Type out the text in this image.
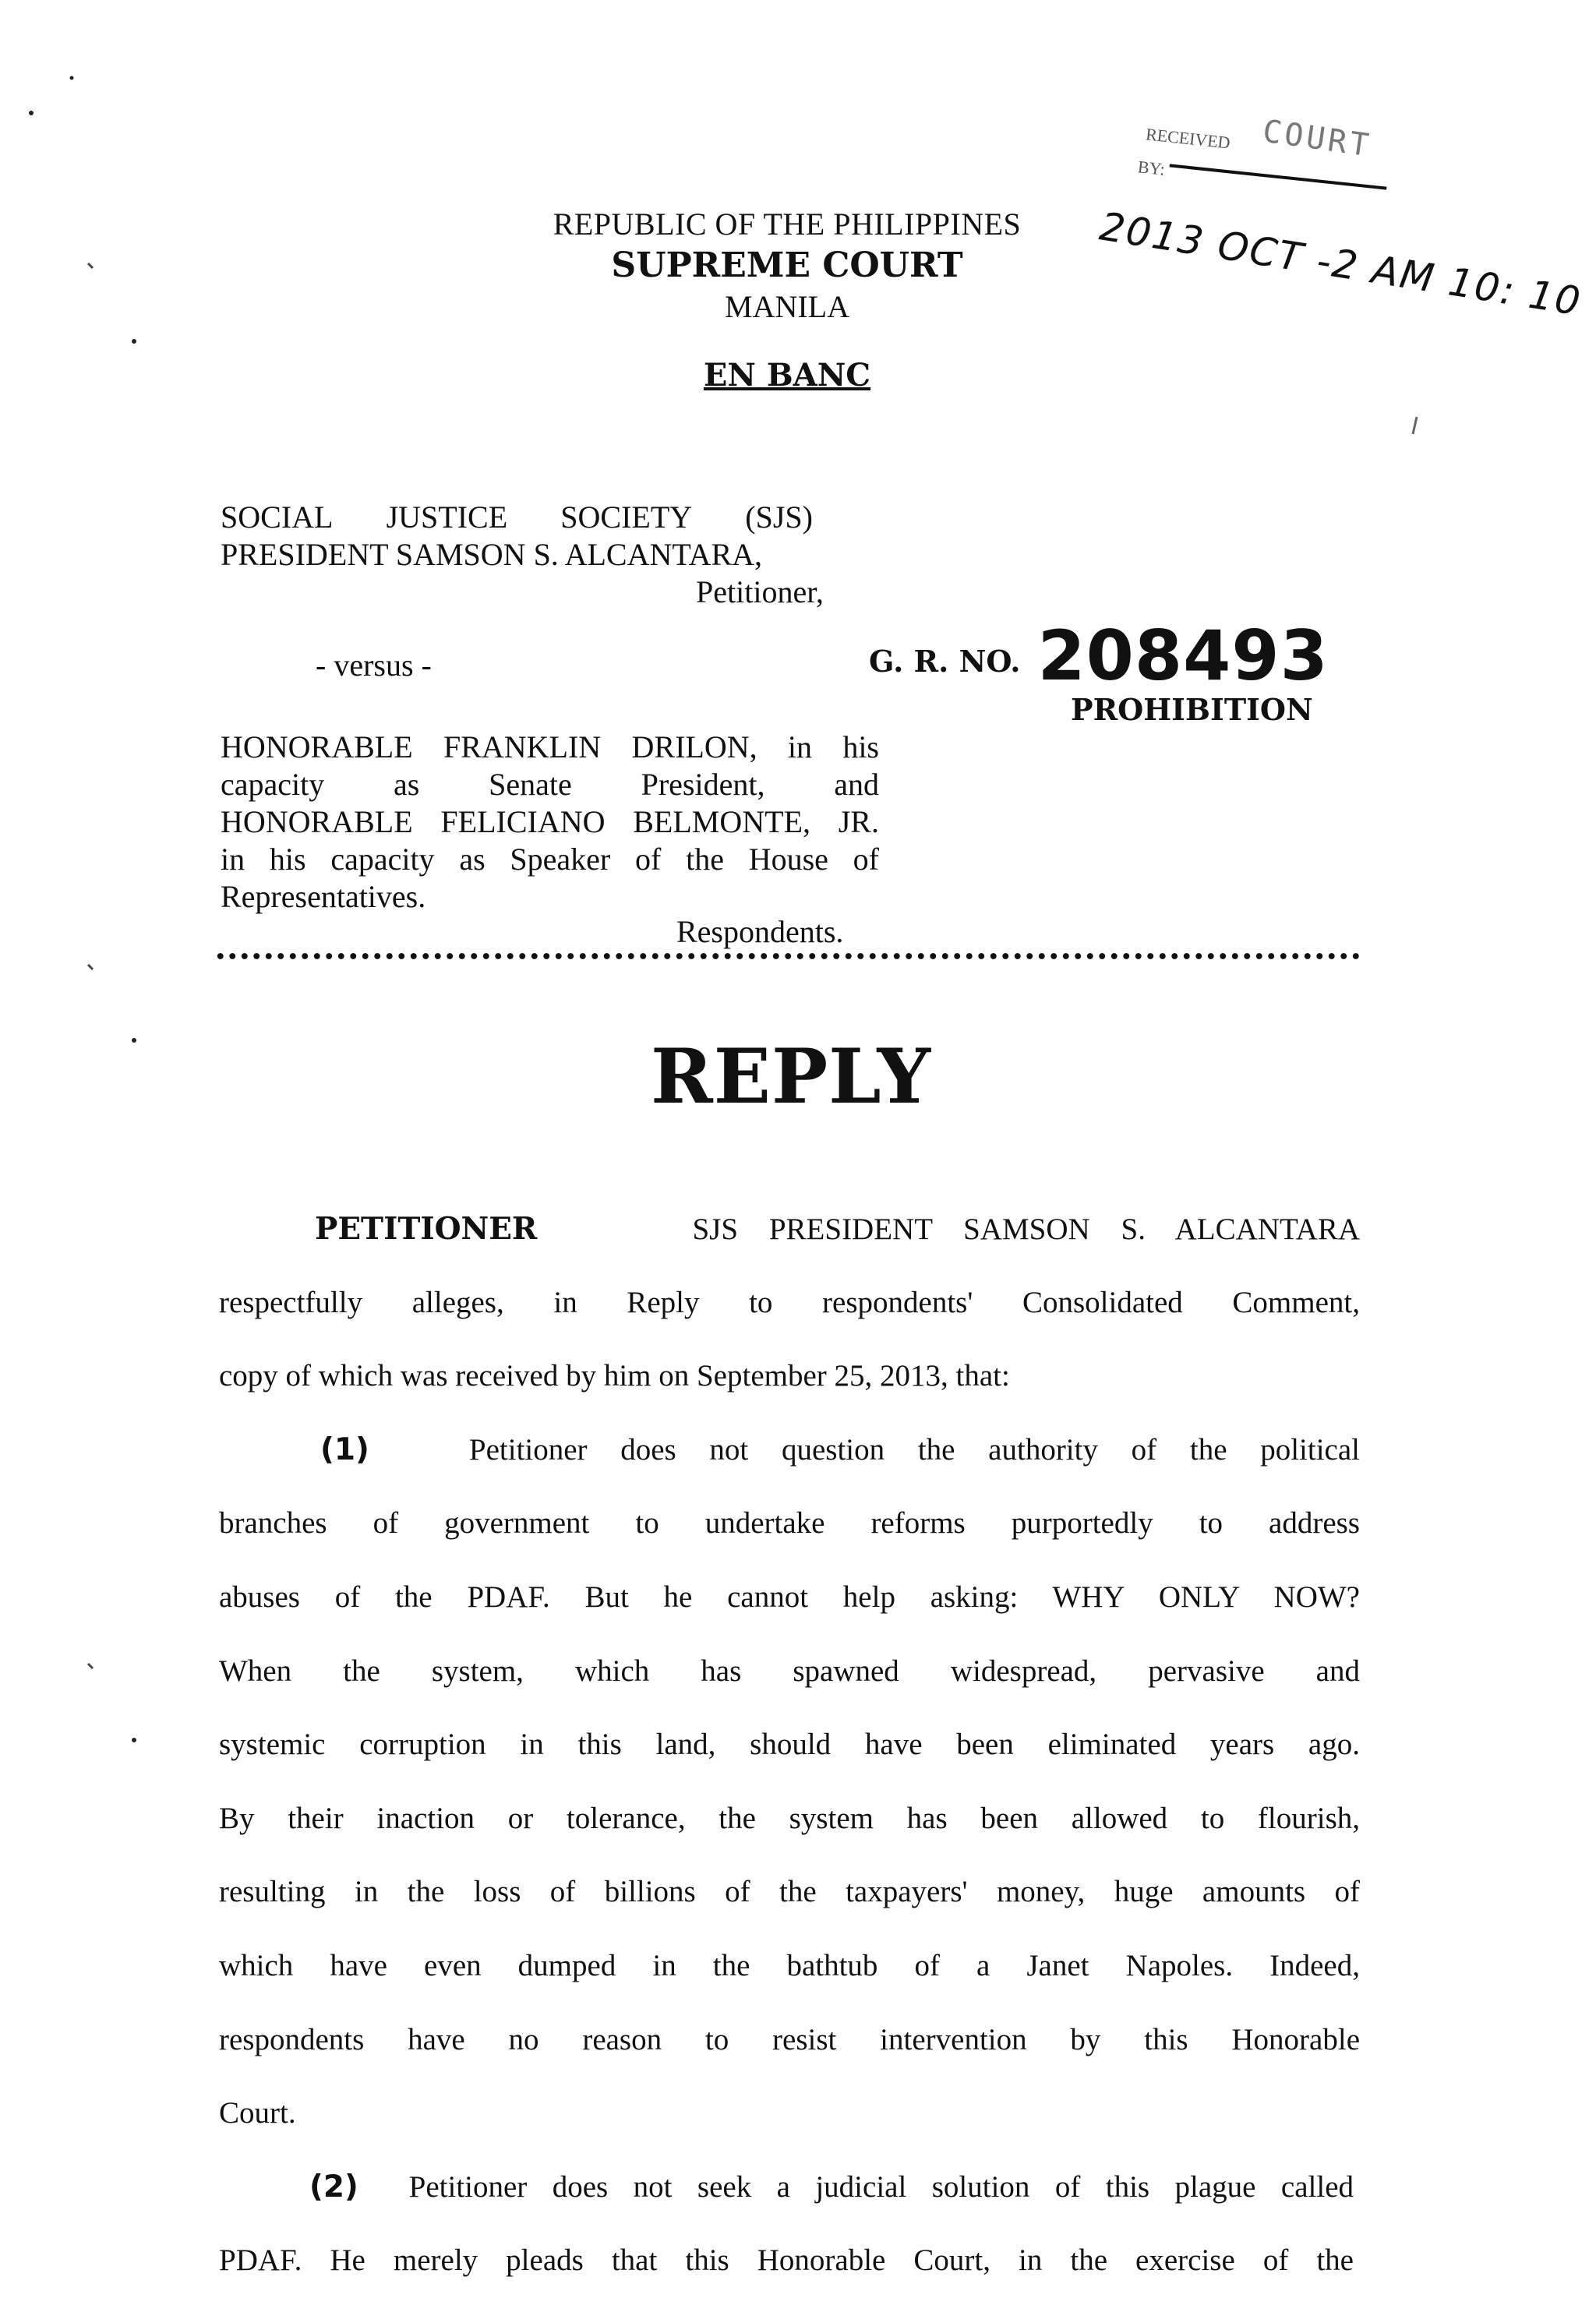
RECEIVED COURT
BY:
2013 OCT -2 AM 10: 10
REPUBLIC OF THE PHILIPPINES
SUPREME COURT
MANILA
EN BANC
SOCIAL JUSTICE SOCIETY (SJS)
PRESIDENT SAMSON S. ALCANTARA,
Petitioner,
- versus -	G. R. NO. 208493
PROHIBITION
HONORABLE FRANKLIN DRILON, in his
capacity as Senate President, and
HONORABLE FELICIANO BELMONTE, JR.
in his capacity as Speaker of the House of
Representatives.
Respondents.
REPLY
PETITIONER	SJS PRESIDENT SAMSON S. ALCANTARA
respectfully alleges, in Reply to respondents' Consolidated Comment,
copy of which was received by him on September 25, 2013, that:
(1)	Petitioner does not question the authority of the political
branches of government to undertake reforms purportedly to address
abuses of the PDAF. But he cannot help asking: WHY ONLY NOW?
When the system, which has spawned widespread, pervasive and
systemic corruption in this land, should have been eliminated years ago.
By their inaction or tolerance, the system has been allowed to flourish,
resulting in the loss of billions of the taxpayers' money, huge amounts of
which have even dumped in the bathtub of a Janet Napoles. Indeed,
respondents have no reason to resist intervention by this Honorable
Court.
(2) Petitioner does not seek a judicial solution of this plague called
PDAF. He merely pleads that this Honorable Court, in the exercise of the
